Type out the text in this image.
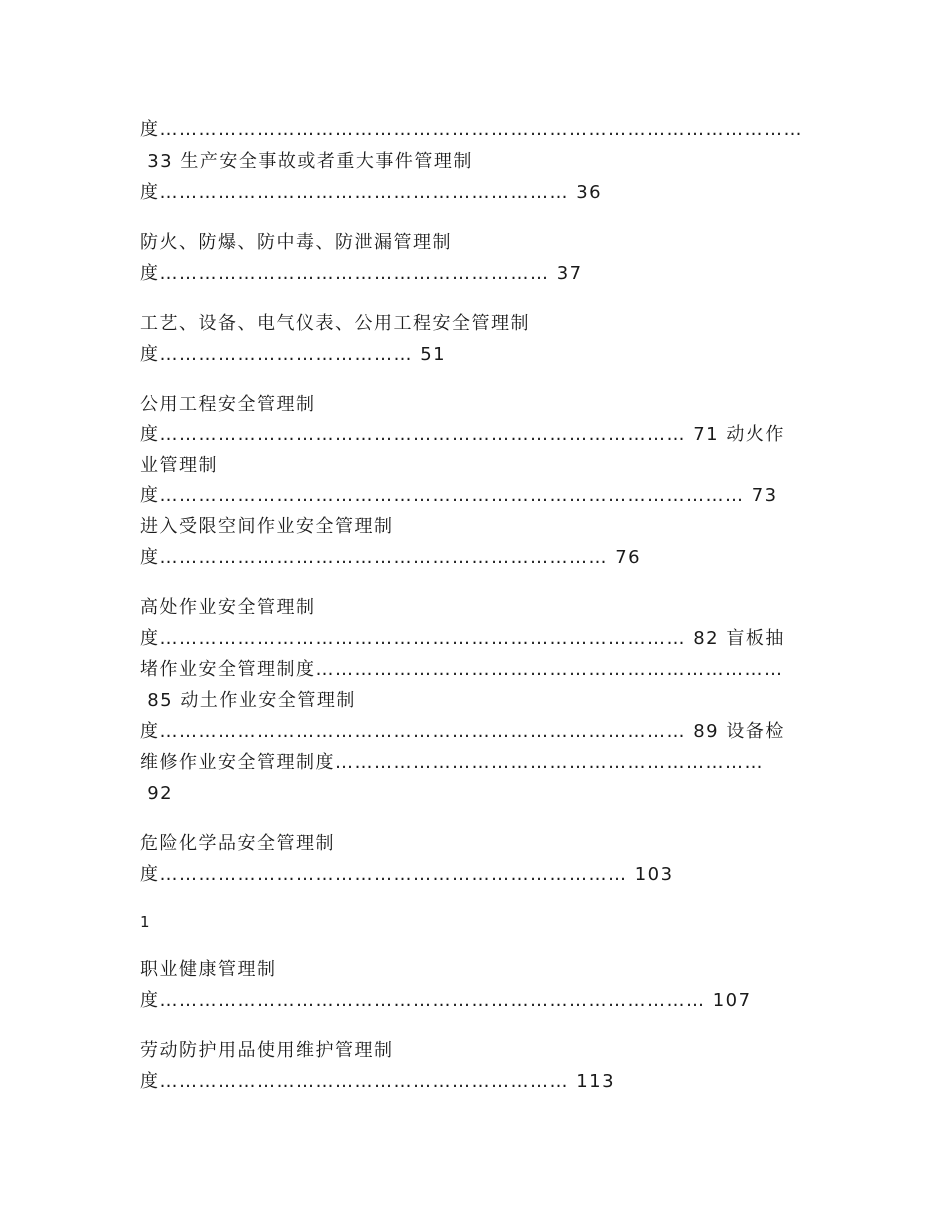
度………………………………………………………………………………………
33 生产安全事故或者重大事件管理制
度……………………………………………………… 36
防火、防爆、防中毒、防泄漏管理制
度…………………………………………………… 37
工艺、设备、电气仪表、公用工程安全管理制
度………………………………… 51
公用工程安全管理制
度……………………………………………………………………… 71 动火作
业管理制
度……………………………………………………………………………… 73
进入受限空间作业安全管理制
度…………………………………………………………… 76
高处作业安全管理制
度……………………………………………………………………… 82 盲板抽
堵作业安全管理制度………………………………………………………………
85 动土作业安全管理制
度……………………………………………………………………… 89 设备检
维修作业安全管理制度…………………………………………………………
92
危险化学品安全管理制
度……………………………………………………………… 103
1
职业健康管理制
度………………………………………………………………………… 107
劳动防护用品使用维护管理制
度……………………………………………………… 113
